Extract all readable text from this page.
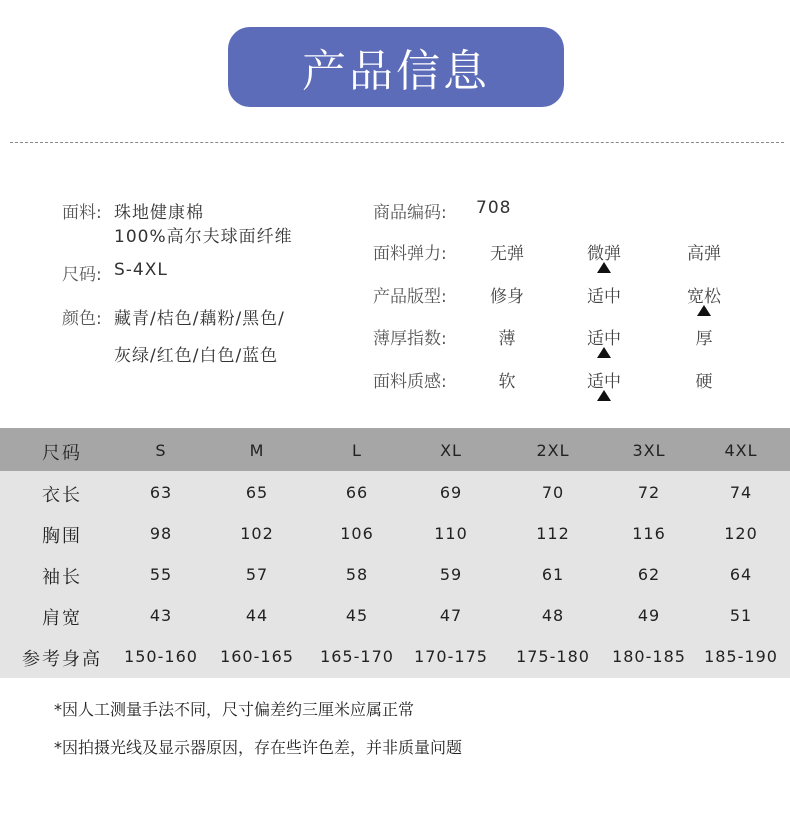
产品信息
面料: 珠地健康棉
100%高尔夫球面纤维
尺码: S-4XL
颜色: 藏青/桔色/藕粉/黑色/
灰绿/红色/白色/蓝色
商品编码: 708
面料弹力:	无弹	微弹	高弹
产品版型:	修身	适中	宽松
薄厚指数:	薄	适中	厚
面料质感:	软	适中	硬
尺码	S	M	L	XL	2XL	3XL	4XL
衣长	63	65	66	69	70	72	74
胸围	98	102	106	110	112	116	120
袖长	55	57	58	59	61	62	64
肩宽	43	44	45	47	48	49	51
参考身高 150-160 160-165 165-170 170-175 175-180 180-185 185-190
*因人工测量手法不同，尺寸偏差约三厘米应属正常
*因拍摄光线及显示器原因，存在些许色差，并非质量问题
